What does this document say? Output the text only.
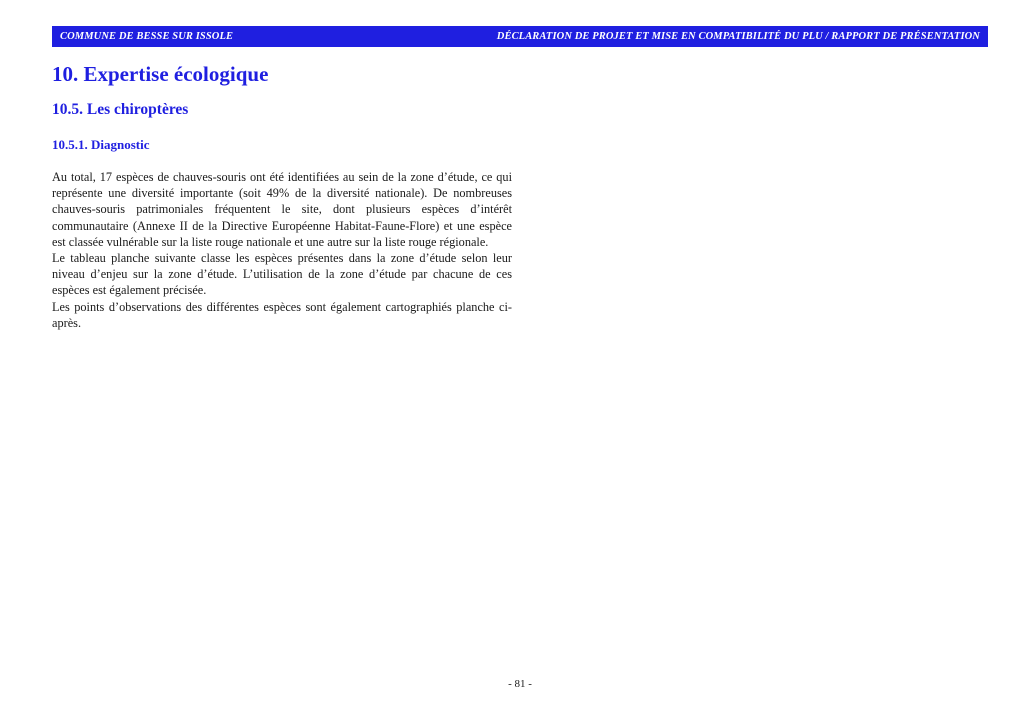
COMMUNE DE BESSE SUR ISSOLE	DÉCLARATION DE PROJET ET MISE EN COMPATIBILITÉ DU PLU / RAPPORT DE PRÉSENTATION
10. Expertise écologique
10.5. Les chiroptères
10.5.1. Diagnostic

Au total, 17 espèces de chauves-souris ont été identifiées au sein de la zone d’étude, ce qui représente une diversité importante (soit 49% de la diversité nationale). De nombreuses chauves-souris patrimoniales fréquentent le site, dont plusieurs espèces d’intérêt communautaire (Annexe II de la Directive Européenne Habitat-Faune-Flore) et une espèce est classée vulnérable sur la liste rouge nationale et une autre sur la liste rouge régionale.

Le tableau planche suivante classe les espèces présentes dans la zone d’étude selon leur niveau d’enjeu sur la zone d’étude. L’utilisation de la zone d’étude par chacune de ces espèces est également précisée.

Les points d’observations des différentes espèces sont également cartographiés planche ci-après.

- 81 -
